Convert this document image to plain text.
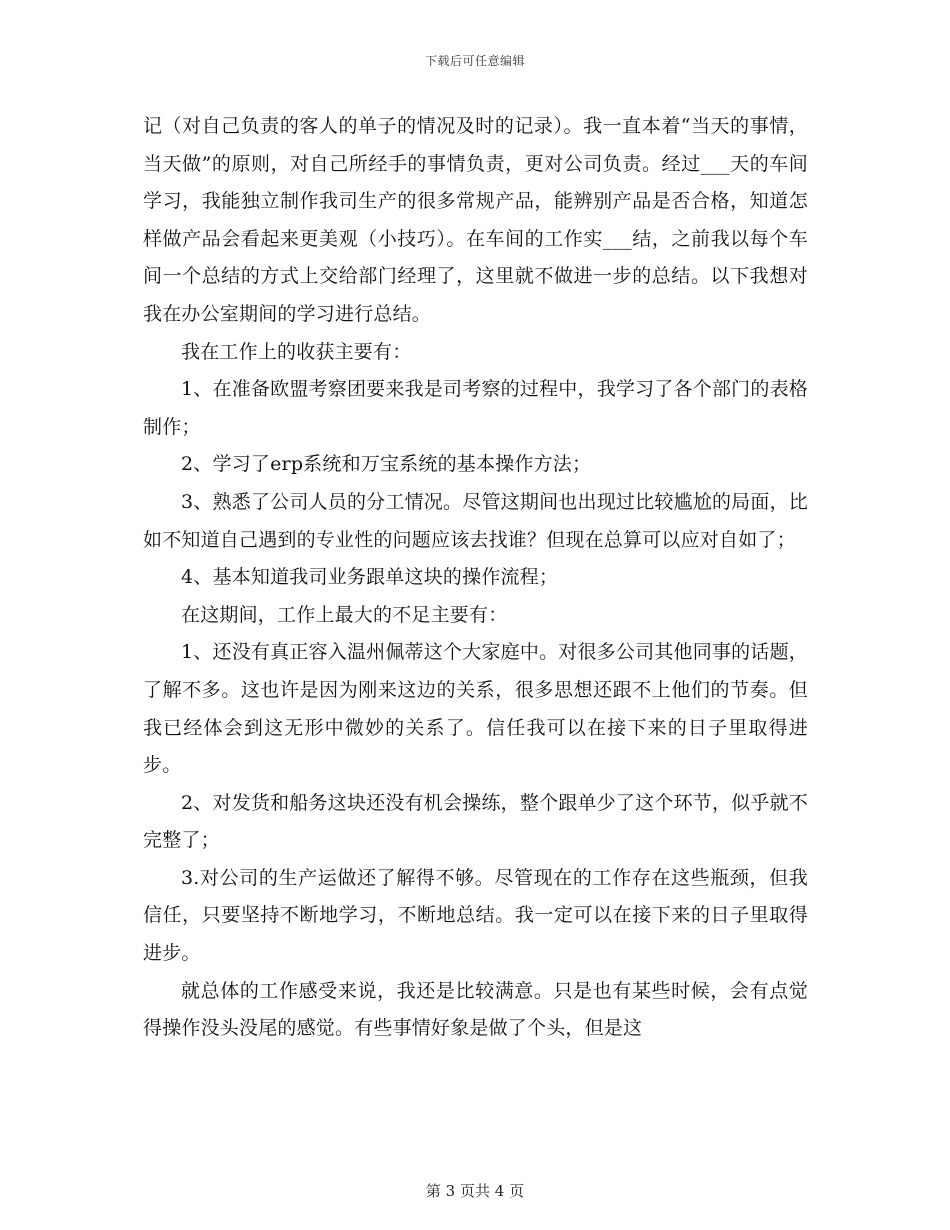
下载后可任意编辑

记（对自己负责的客人的单子的情况及时的记录）。我一直本着“当天的事情，当天做”的原则，对自己所经手的事情负责，更对公司负责。经过___天的车间学习，我能独立制作我司生产的很多常规产品，能辨别产品是否合格，知道怎样做产品会看起来更美观（小技巧）。在车间的工作实___结，之前我以每个车间一个总结的方式上交给部门经理了，这里就不做进一步的总结。以下我想对我在办公室期间的学习进行总结。

我在工作上的收获主要有：

1、在准备欧盟考察团要来我是司考察的过程中，我学习了各个部门的表格制作；

2、学习了erp系统和万宝系统的基本操作方法；

3、熟悉了公司人员的分工情况。尽管这期间也出现过比较尴尬的局面，比如不知道自己遇到的专业性的问题应该去找谁？但现在总算可以应对自如了；

4、基本知道我司业务跟单这块的操作流程；

在这期间，工作上最大的不足主要有：

1、还没有真正容入温州佩蒂这个大家庭中。对很多公司其他同事的话题，了解不多。这也许是因为刚来这边的关系，很多思想还跟不上他们的节奏。但我已经体会到这无形中微妙的关系了。信任我可以在接下来的日子里取得进步。

2、对发货和船务这块还没有机会操练，整个跟单少了这个环节，似乎就不完整了；

3.对公司的生产运做还了解得不够。尽管现在的工作存在这些瓶颈，但我信任，只要坚持不断地学习，不断地总结。我一定可以在接下来的日子里取得进步。

就总体的工作感受来说，我还是比较满意。只是也有某些时候，会有点觉得操作没头没尾的感觉。有些事情好象是做了个头，但是这

第 3 页共 4 页
